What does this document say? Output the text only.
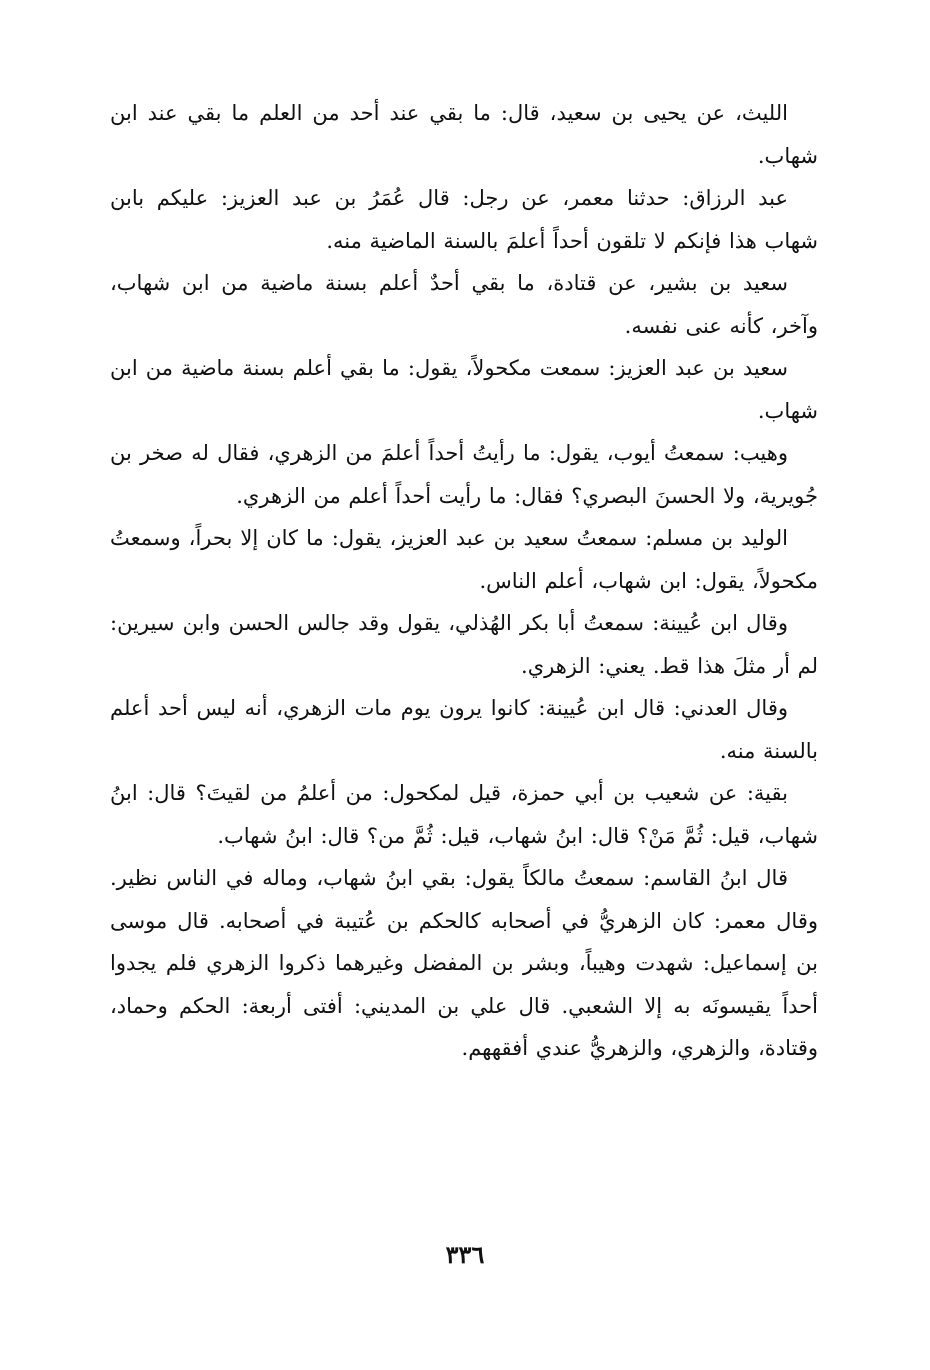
الليث، عن يحيى بن سعيد، قال: ما بقي عند أحد من العلم ما بقي عند ابن شهاب.

عبد الرزاق: حدثنا معمر، عن رجل: قال عُمَرُ بن عبد العزيز: عليكم بابن شهاب هذا فإنكم لا تلقون أحداً أعلمَ بالسنة الماضية منه.

سعيد بن بشير، عن قتادة، ما بقي أحدٌ أعلم بسنة ماضية من ابن شهاب، وآخر، كأنه عنى نفسه.

سعيد بن عبد العزيز: سمعت مكحولاً، يقول: ما بقي أعلم بسنة ماضية من ابن شهاب.

وهيب: سمعتُ أيوب، يقول: ما رأيتُ أحداً أعلمَ من الزهري، فقال له صخر بن جُويرية، ولا الحسنَ البصري؟ فقال: ما رأيت أحداً أعلم من الزهري.

الوليد بن مسلم: سمعتُ سعيد بن عبد العزيز، يقول: ما كان إلا بحراً، وسمعتُ مكحولاً، يقول: ابن شهاب، أعلم الناس.

وقال ابن عُيينة: سمعتُ أبا بكر الهُذلي، يقول وقد جالس الحسن وابن سيرين: لم أر مثلَ هذا قط. يعني: الزهري.

وقال العدني: قال ابن عُيينة: كانوا يرون يوم مات الزهري، أنه ليس أحد أعلم بالسنة منه.

بقية: عن شعيب بن أبي حمزة، قيل لمكحول: من أعلمُ من لقيتَ؟ قال: ابنُ شهاب، قيل: ثُمَّ مَنْ؟ قال: ابنُ شهاب، قيل: ثُمَّ من؟ قال: ابنُ شهاب.

قال ابنُ القاسم: سمعتُ مالكاً يقول: بقي ابنُ شهاب، وماله في الناس نظير. وقال معمر: كان الزهريُّ في أصحابه كالحكم بن عُتيبة في أصحابه. قال موسى بن إسماعيل: شهدت وهيباً، وبشر بن المفضل وغيرهما ذكروا الزهري فلم يجدوا أحداً يقيسونَه به إلا الشعبي. قال علي بن المديني: أفتى أربعة: الحكم وحماد، وقتادة، والزهري، والزهريُّ عندي أفقههم.

٣٣٦
